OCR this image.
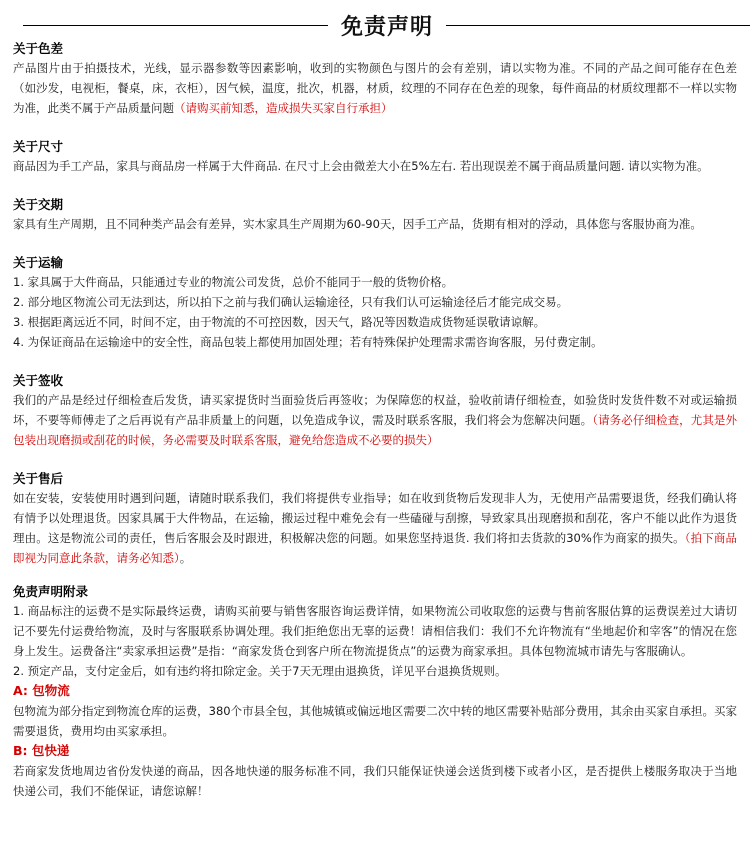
免责声明

关于色差

产品图片由于拍摄技术，光线，显示器参数等因素影响，收到的实物颜色与图片的会有差别，请以实物为准。不同的产品之间可能存在色差（如沙发，电视柜，餐桌，床，衣柜），因气候，温度，批次，机器，材质，纹理的不同存在色差的现象，每件商品的材质纹理都不一样以实物为准，此类不属于产品质量问题（请购买前知悉，造成损失买家自行承担）

关于尺寸

商品因为手工产品，家具与商品房一样属于大件商品. 在尺寸上会由微差大小在5%左右. 若出现误差不属于商品质量问题. 请以实物为准。

关于交期

家具有生产周期，且不同种类产品会有差异，实木家具生产周期为60-90天，因手工产品，货期有相对的浮动，具体您与客服协商为准。

关于运输

1. 家具属于大件商品，只能通过专业的物流公司发货，总价不能同于一般的货物价格。

2. 部分地区物流公司无法到达，所以拍下之前与我们确认运输途径，只有我们认可运输途径后才能完成交易。

3. 根据距离远近不同，时间不定，由于物流的不可控因数，因天气，路况等因数造成货物延误敬请谅解。

4. 为保证商品在运输途中的安全性，商品包装上都使用加固处理；若有特殊保护处理需求需咨询客服，另付费定制。

关于签收

我们的产品是经过仔细检查后发货，请买家提货时当面验货后再签收；为保障您的权益，验收前请仔细检查，如验货时发货件数不对或运输损坏，不要等师傅走了之后再说有产品非质量上的问题，以免造成争议，需及时联系客服，我们将会为您解决问题。（请务必仔细检查，尤其是外包装出现磨损或刮花的时候，务必需要及时联系客服，避免给您造成不必要的损失）

关于售后

如在安装，安装使用时遇到问题，请随时联系我们，我们将提供专业指导；如在收到货物后发现非人为，无使用产品需要退货，经我们确认将有情予以处理退货。因家具属于大件物品，在运输，搬运过程中难免会有一些磕碰与刮擦，导致家具出现磨损和刮花，客户不能以此作为退货理由。这是物流公司的责任，售后客服会及时跟进，积极解决您的问题。如果您坚持退货. 我们将扣去货款的30%作为商家的损失。（拍下商品即视为同意此条款，请务必知悉）。

免责声明附录

1. 商品标注的运费不是实际最终运费，请购买前要与销售客服咨询运费详情，如果物流公司收取您的运费与售前客服估算的运费误差过大请切记不要先付运费给物流，及时与客服联系协调处理。我们拒绝您出无辜的运费！请相信我们：我们不允许物流有“坐地起价和宰客”的情况在您身上发生。运费备注“卖家承担运费”是指：“商家发货仓到客户所在物流提货点”的运费为商家承担。具体包物流城市请先与客服确认。

2. 预定产品，支付定金后，如有违约将扣除定金。关于7天无理由退换货，详见平台退换货规则。

A: 包物流

包物流为部分指定到物流仓库的运费，380个市县全包，其他城镇或偏远地区需要二次中转的地区需要补贴部分费用，其余由买家自承担。买家需要退货，费用均由买家承担。

B: 包快递

若商家发货地周边省份发快递的商品，因各地快递的服务标准不同，我们只能保证快递会送货到楼下或者小区，是否提供上楼服务取决于当地快递公司，我们不能保证，请您谅解！
